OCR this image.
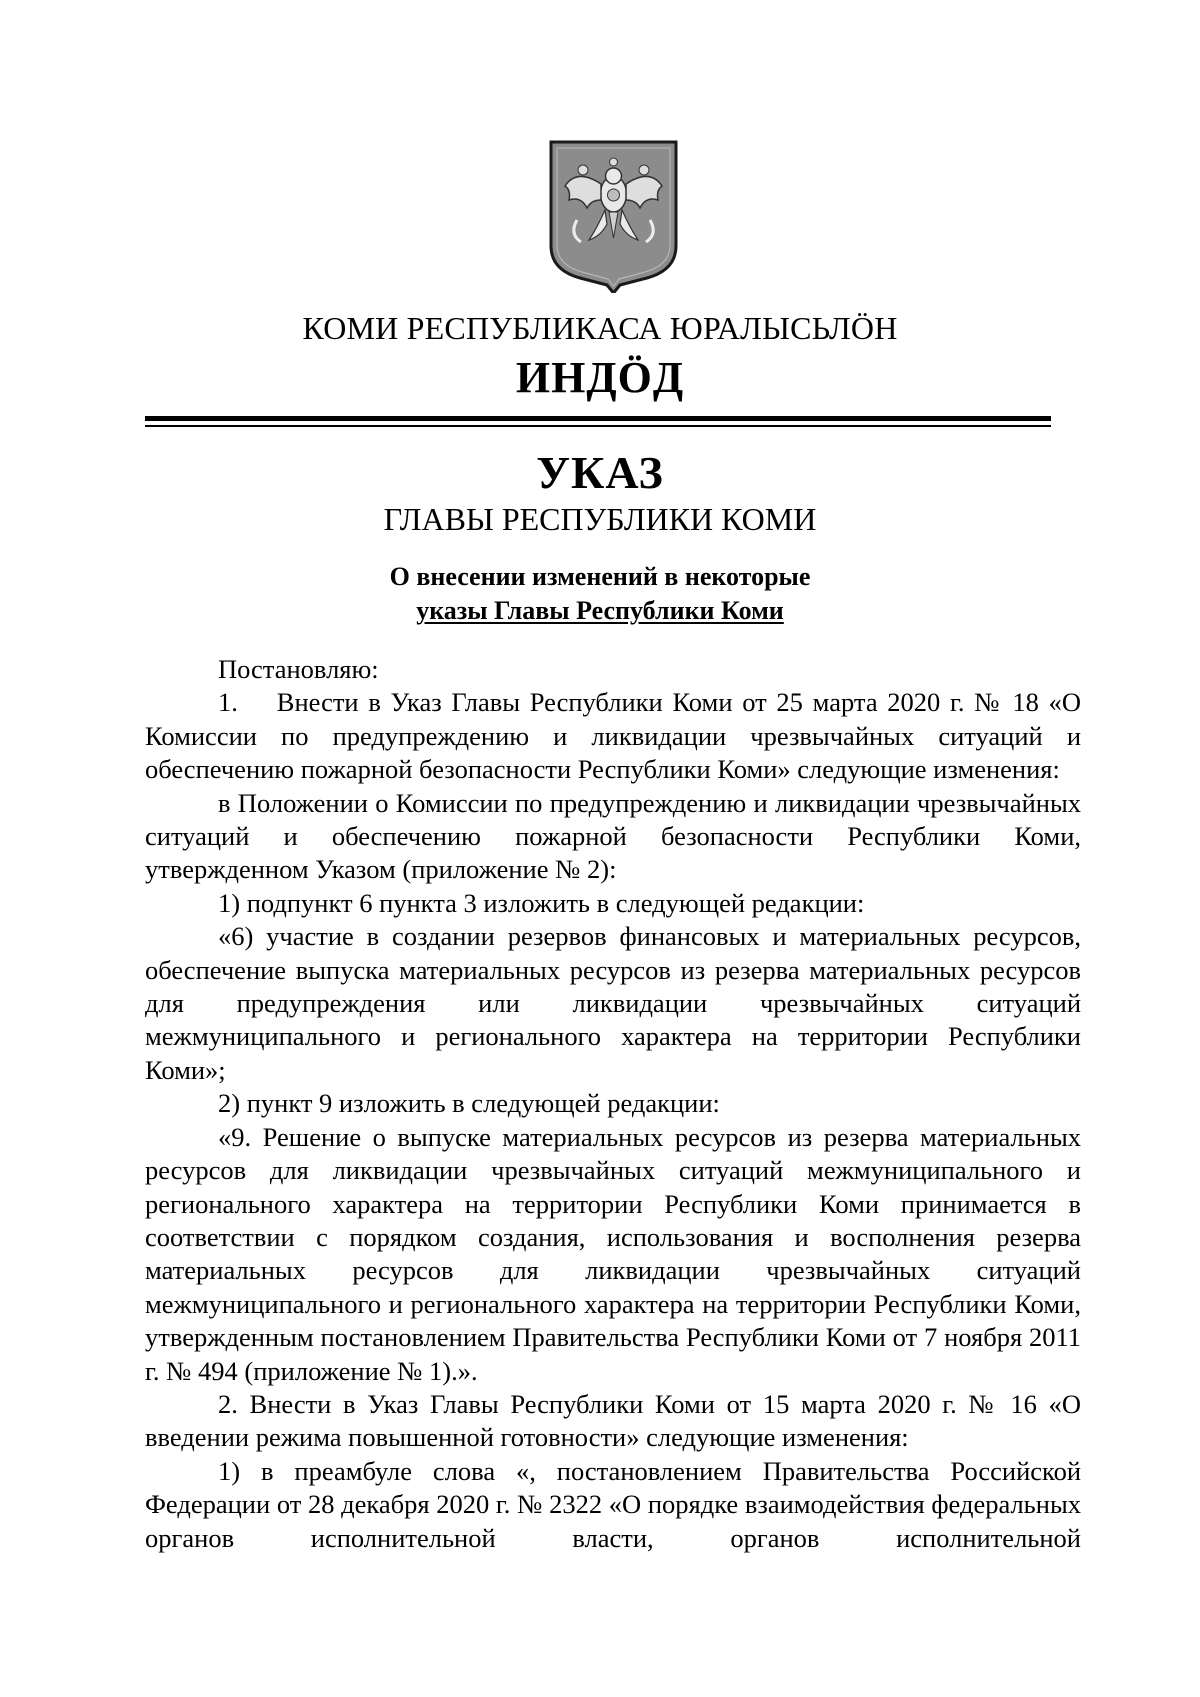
КОМИ РЕСПУБЛИКАСА ЮРАЛЫСЬЛÖН
ИНДÖД
УКАЗ
ГЛАВЫ РЕСПУБЛИКИ КОМИ
О внесении изменений в некоторые
указы Главы Республики Коми

Постановляю:

1.    Внести в Указ Главы Республики Коми от 25 марта 2020 г. № 18 «О Комиссии по предупреждению и ликвидации чрезвычайных ситуаций и обеспечению пожарной безопасности Республики Коми» следующие изменения:

в Положении о Комиссии по предупреждению и ликвидации чрезвычайных ситуаций и обеспечению пожарной безопасности Республики Коми, утвержденном Указом (приложение № 2):

1) подпункт 6 пункта 3 изложить в следующей редакции:

«6) участие в создании резервов финансовых и материальных ресурсов, обеспечение выпуска материальных ресурсов из резерва материальных ресурсов для предупреждения или ликвидации чрезвычайных ситуаций межмуниципального и регионального характера на территории Республики Коми»;

2) пункт 9 изложить в следующей редакции:

«9. Решение о выпуске материальных ресурсов из резерва материальных ресурсов для ликвидации чрезвычайных ситуаций межмуниципального и регионального характера на территории Республики Коми принимается в соответствии с порядком создания, использования и восполнения резерва материальных ресурсов для ликвидации чрезвычайных ситуаций межмуниципального и регионального характера на территории Республики Коми, утвержденным постановлением Правительства Республики Коми от 7 ноября 2011 г. № 494 (приложение № 1).».

2. Внести в Указ Главы Республики Коми от 15 марта 2020 г. № 16 «О введении режима повышенной готовности» следующие изменения:

1) в преамбуле слова «, постановлением Правительства Российской Федерации от 28 декабря 2020 г. № 2322 «О порядке взаимодействия федеральных органов исполнительной власти, органов исполнительной
